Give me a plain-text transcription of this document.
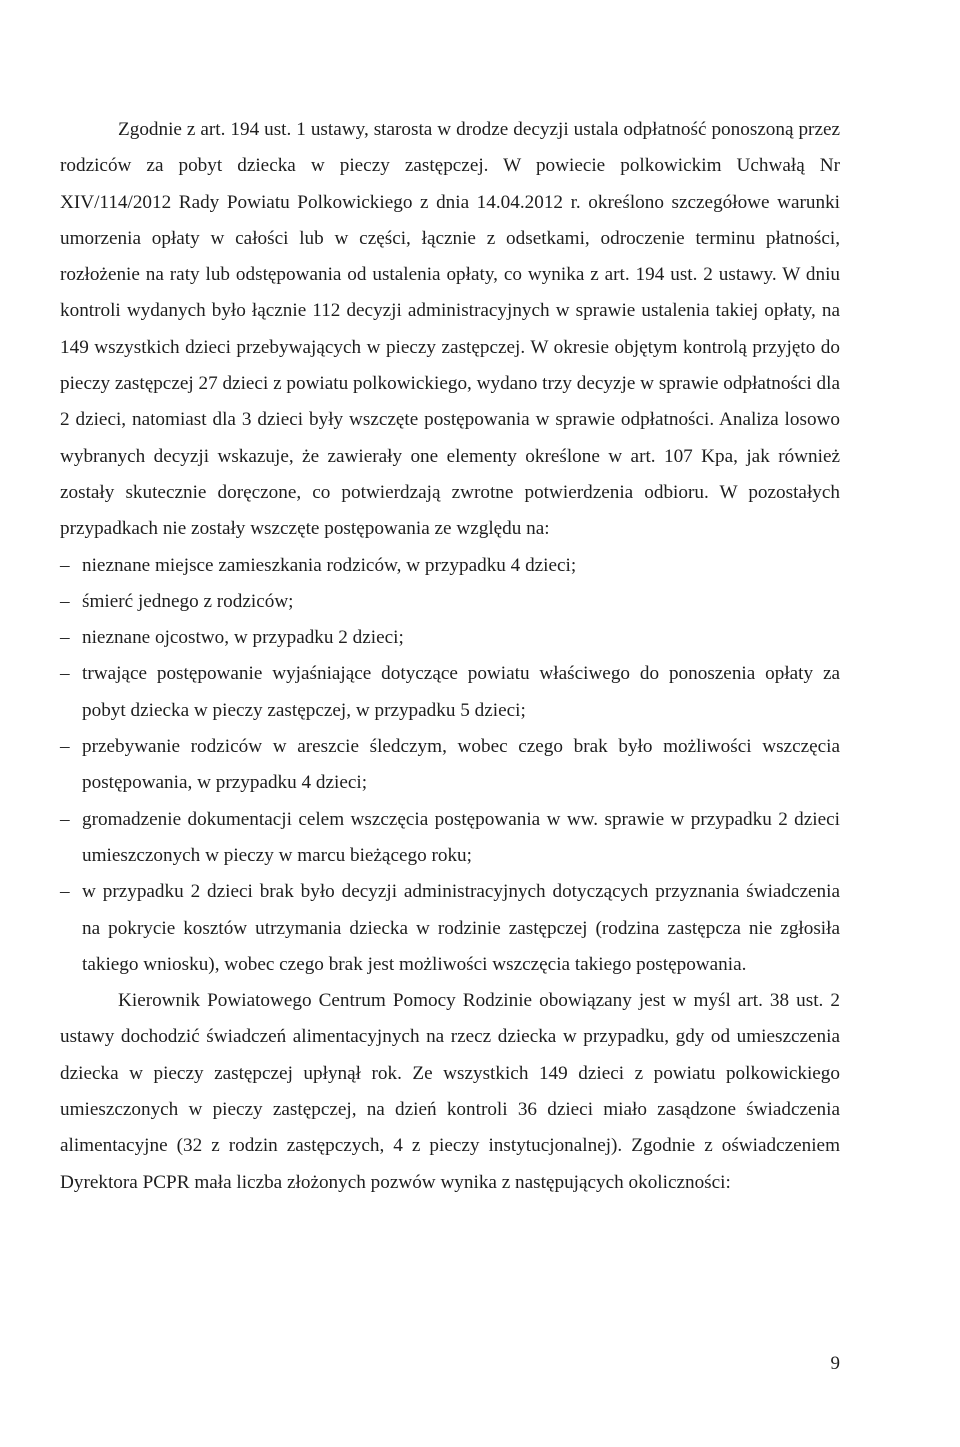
Zgodnie z art. 194 ust. 1 ustawy, starosta w drodze decyzji ustala odpłatność ponoszoną przez rodziców za pobyt dziecka w pieczy zastępczej. W powiecie polkowickim Uchwałą Nr XIV/114/2012 Rady Powiatu Polkowickiego z dnia 14.04.2012 r. określono szczegółowe warunki umorzenia opłaty w całości lub w części, łącznie z odsetkami, odroczenie terminu płatności, rozłożenie na raty lub odstępowania od ustalenia opłaty, co wynika z art. 194 ust. 2 ustawy. W dniu kontroli wydanych było łącznie 112 decyzji administracyjnych w sprawie ustalenia takiej opłaty, na 149 wszystkich dzieci przebywających w pieczy zastępczej. W okresie objętym kontrolą przyjęto do pieczy zastępczej 27 dzieci z powiatu polkowickiego, wydano trzy decyzje w sprawie odpłatności dla 2 dzieci, natomiast dla 3 dzieci były wszczęte postępowania w sprawie odpłatności. Analiza losowo wybranych decyzji wskazuje, że zawierały one elementy określone w art. 107 Kpa, jak również zostały skutecznie doręczone, co potwierdzają zwrotne potwierdzenia odbioru. W pozostałych przypadkach nie zostały wszczęte postępowania ze względu na:

– nieznane miejsce zamieszkania rodziców, w przypadku 4 dzieci;
– śmierć jednego z rodziców;
– nieznane ojcostwo, w przypadku 2 dzieci;
– trwające postępowanie wyjaśniające dotyczące powiatu właściwego do ponoszenia opłaty za pobyt dziecka w pieczy zastępczej, w przypadku 5 dzieci;
– przebywanie rodziców w areszcie śledczym, wobec czego brak było możliwości wszczęcia postępowania, w przypadku 4 dzieci;
– gromadzenie dokumentacji celem wszczęcia postępowania w ww. sprawie w przypadku 2 dzieci umieszczonych w pieczy w marcu bieżącego roku;
– w przypadku 2 dzieci brak było decyzji administracyjnych dotyczących przyznania świadczenia na pokrycie kosztów utrzymania dziecka w rodzinie zastępczej (rodzina zastępcza nie zgłosiła takiego wniosku), wobec czego brak jest możliwości wszczęcia takiego postępowania.

Kierownik Powiatowego Centrum Pomocy Rodzinie obowiązany jest w myśl art. 38 ust. 2 ustawy dochodzić świadczeń alimentacyjnych na rzecz dziecka w przypadku, gdy od umieszczenia dziecka w pieczy zastępczej upłynął rok. Ze wszystkich 149 dzieci z powiatu polkowickiego umieszczonych w pieczy zastępczej, na dzień kontroli 36 dzieci miało zasądzone świadczenia alimentacyjne (32 z rodzin zastępczych, 4 z pieczy instytucjonalnej). Zgodnie z oświadczeniem Dyrektora PCPR mała liczba złożonych pozwów wynika z następujących okoliczności:

9
